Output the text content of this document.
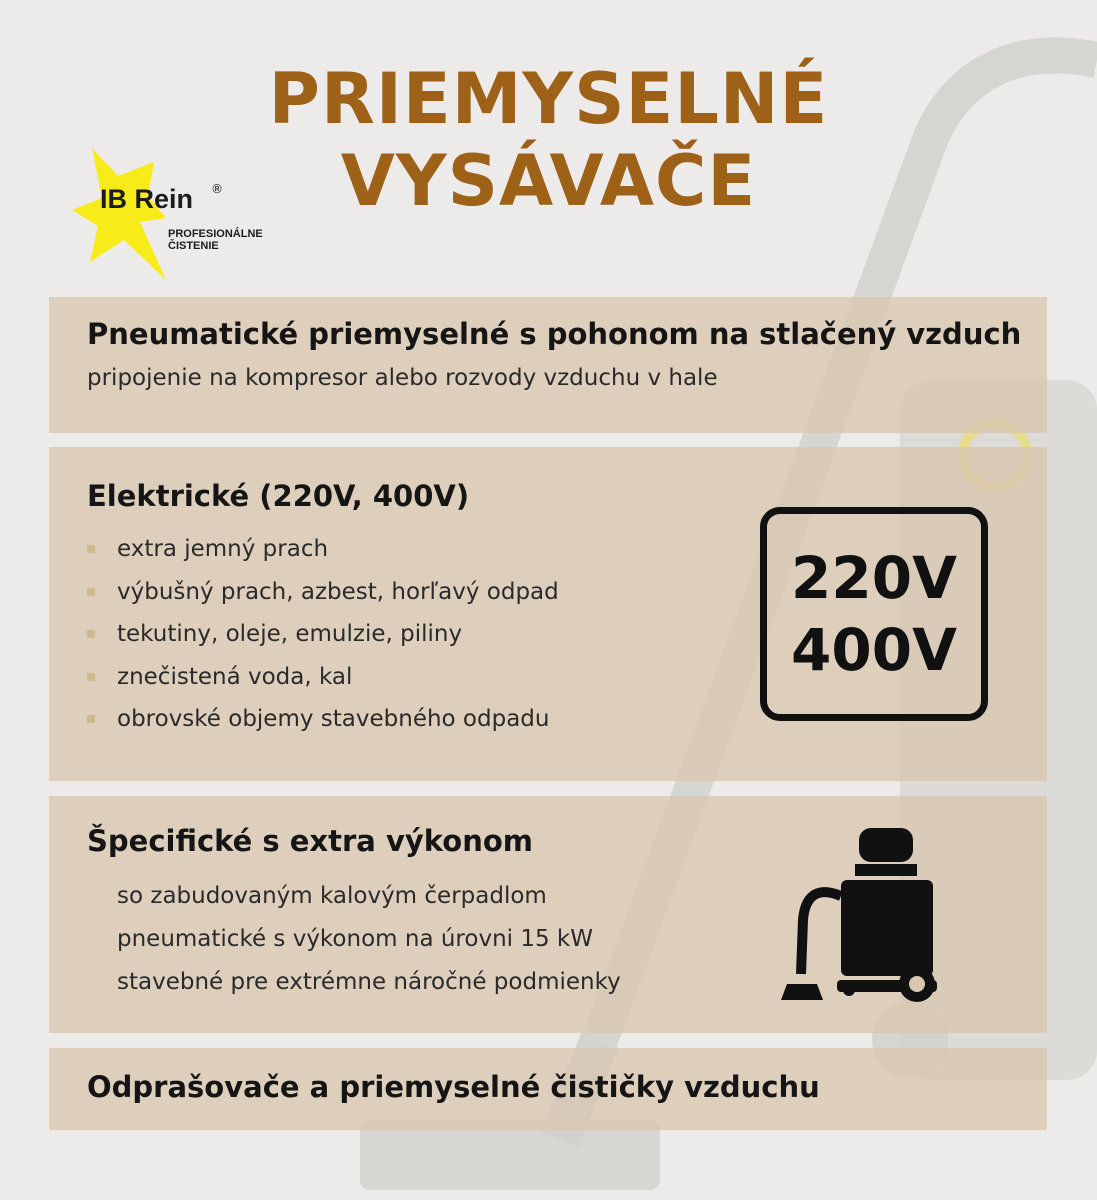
PRIEMYSELNÉ
VYSÁVAČE
IB Rein ®
PROFESIONÁLNE
ČISTENIE
Pneumatické priemyselné s pohonom na stlačený vzduch
pripojenie na kompresor alebo rozvody vzduchu v hale
Elektrické (220V, 400V)
extra jemný prach
výbušný prach, azbest, horľavý odpad
tekutiny, oleje, emulzie, piliny
znečistená voda, kal
obrovské objemy stavebného odpadu
220V
400V
Špecifické s extra výkonom
so zabudovaným kalovým čerpadlom
pneumatické s výkonom na úrovni 15 kW
stavebné pre extrémne náročné podmienky
Odprašovače a priemyselné čističky vzduchu
